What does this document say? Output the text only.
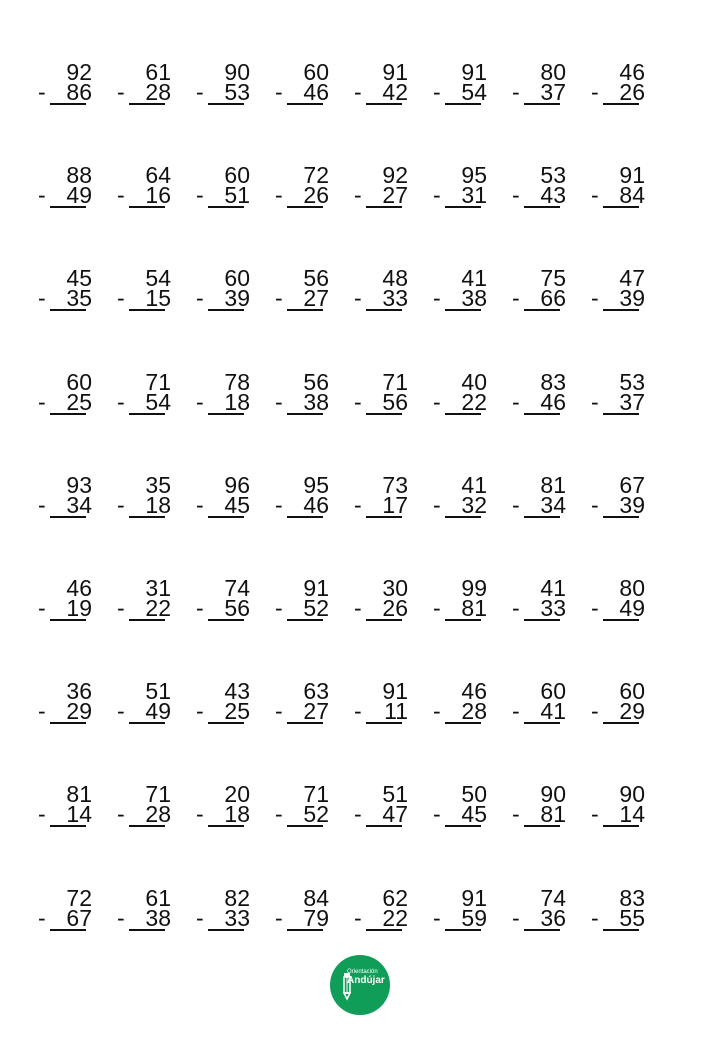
92
- 86
61
- 28
90
- 53
60
- 46
91
- 42
91
- 54
80
- 37
46
- 26
88
- 49
64
- 16
60
- 51
72
- 26
92
- 27
95
- 31
53
- 43
91
- 84
45
- 35
54
- 15
60
- 39
56
- 27
48
- 33
41
- 38
75
- 66
47
- 39
60
- 25
71
- 54
78
- 18
56
- 38
71
- 56
40
- 22
83
- 46
53
- 37
93
- 34
35
- 18
96
- 45
95
- 46
73
- 17
41
- 32
81
- 34
67
- 39
46
- 19
31
- 22
74
- 56
91
- 52
30
- 26
99
- 81
41
- 33
80
- 49
36
- 29
51
- 49
43
- 25
63
- 27
91
- 11
46
- 28
60
- 41
60
- 29
81
- 14
71
- 28
20
- 18
71
- 52
51
- 47
50
- 45
90
- 81
90
- 14
72
- 67
61
- 38
82
- 33
84
- 79
62
- 22
91
- 59
74
- 36
83
- 55
Orientación
Andújar
